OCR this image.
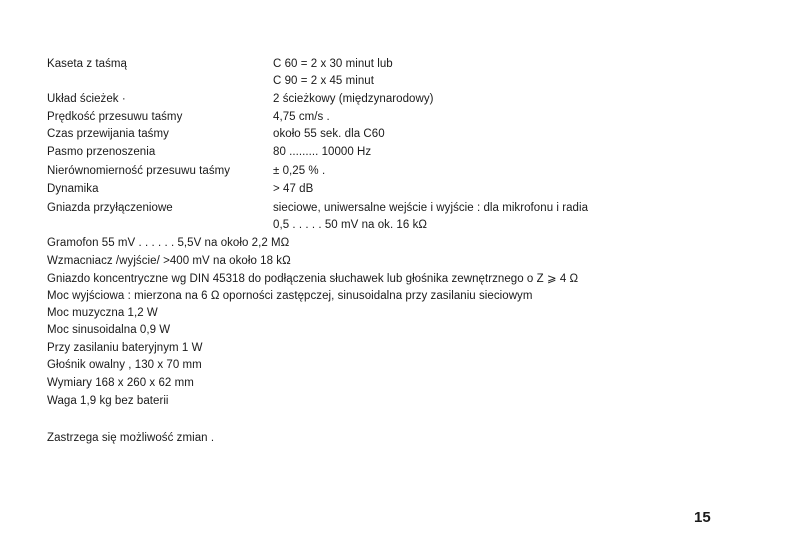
Kaseta z taśmą	C 60 = 2 x 30 minut lub
C 90 = 2 x 45 minut
Układ ścieżek ·	2 ścieżkowy (międzynarodowy)
Prędkość przesuwu taśmy	4,75 cm/s .
Czas przewijania taśmy	około 55 sek. dla C60
Pasmo przenoszenia	80 ......... 10000 Hz
Nierównomierność przesuwu taśmy	± 0,25 % .
Dynamika	> 47 dB
Gniazda przyłączeniowe	sieciowe, uniwersalne wejście i wyjście : dla mikrofonu i radia
0,5 . . . . . 50 mV na ok. 16 kΩ
Gramofon 55 mV . . . . . . 5,5V na około 2,2 MΩ
Wzmacniacz /wyjście/ >400 mV na około 18 kΩ
Gniazdo koncentryczne wg DIN 45318 do podłączenia słuchawek lub głośnika zewnętrznego o Z ⩾ 4 Ω
Moc wyjściowa : mierzona na 6 Ω oporności zastępczej, sinusoidalna przy zasilaniu sieciowym
Moc muzyczna 1,2 W
Moc sinusoidalna 0,9 W
Przy zasilaniu bateryjnym 1 W
Głośnik owalny , 130 x 70 mm
Wymiary 168 x 260 x 62 mm
Waga 1,9 kg bez baterii
Zastrzega się możliwość zmian .
15
